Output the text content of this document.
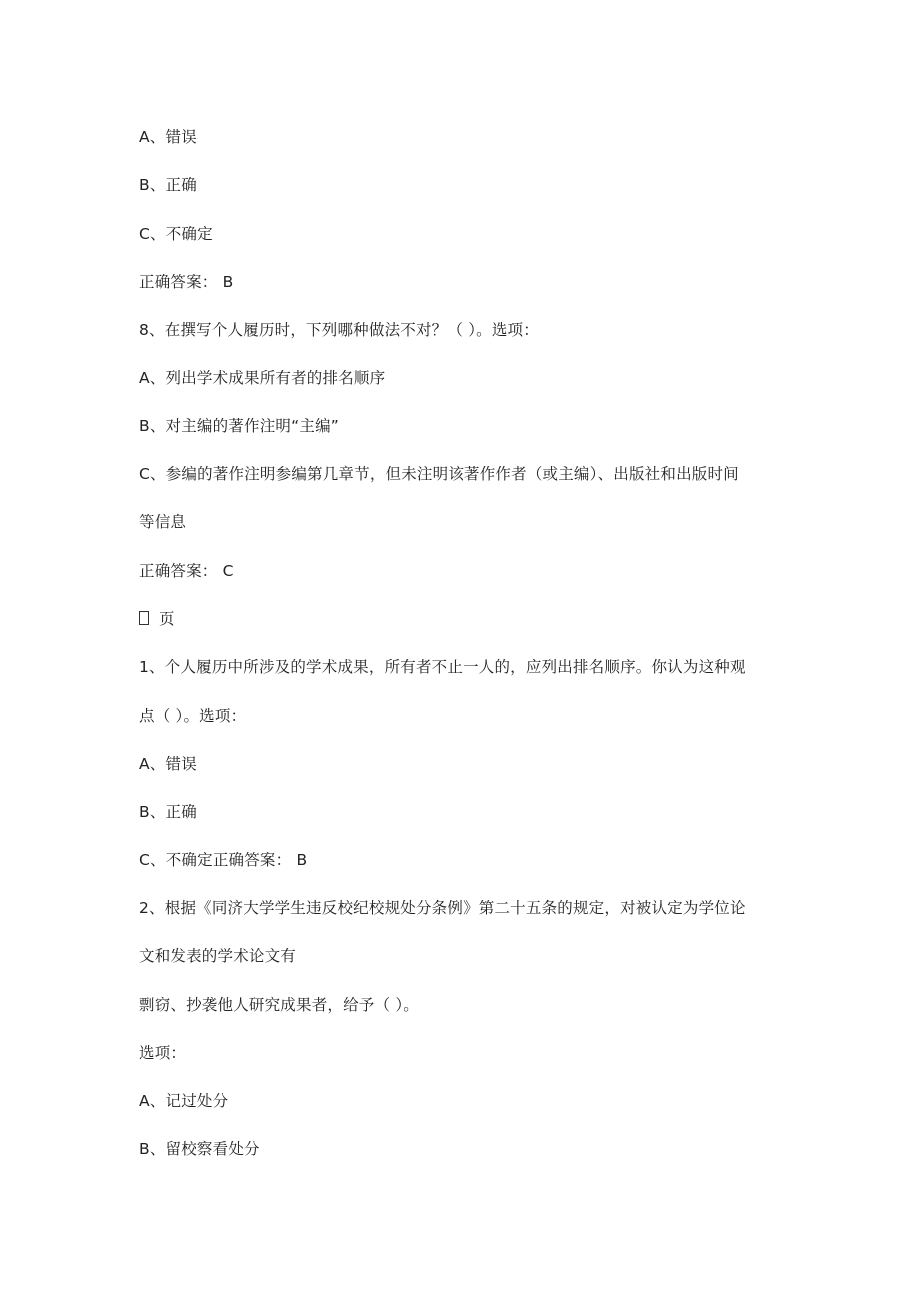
A、错误
B、正确
C、不确定
正确答案： B
8、在撰写个人履历时，下列哪种做法不对？（ ）。选项：
A、列出学术成果所有者的排名顺序
B、对主编的著作注明“主编”
C、参编的著作注明参编第几章节，但未注明该著作作者（或主编）、出版社和出版时间
等信息
正确答案： C
页
1、个人履历中所涉及的学术成果，所有者不止一人的，应列出排名顺序。你认为这种观
点（ ）。选项：
A、错误
B、正确
C、不确定正确答案： B
2、根据《同济大学学生违反校纪校规处分条例》第二十五条的规定，对被认定为学位论
文和发表的学术论文有
剽窃、抄袭他人研究成果者，给予（ ）。
选项：
A、记过处分
B、留校察看处分
